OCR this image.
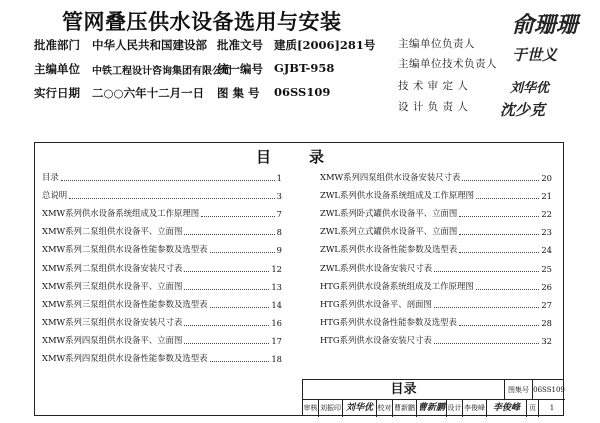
管网叠压供水设备选用与安装
批准部门 中华人民共和国建设部 批准文号 建质[2006]281号
主编单位 中铁工程设计咨询集团有限公司
统一编号 GJBT-958
实行日期 二○○六年十二月一日 图 集 号 06SS109
主编单位负责人
主编单位技术负责人
技 术 审 定 人
设 计 负 责 人
俞珊珊
于世义
刘华优
沈少克
目录
目录	1
总说明	3
XMW系列供水设备系统组成及工作原理图	7
XMW系列二泵组供水设备平、立面图	8
XMW系列二泵组供水设备性能参数及选型表	9
XMW系列二泵组供水设备安装尺寸表	12
XMW系列三泵组供水设备平、立面图	13
XMW系列三泵组供水设备性能参数及选型表	14
XMW系列三泵组供水设备安装尺寸表	16
XMW系列四泵组供水设备平、立面图	17
XMW系列四泵组供水设备性能参数及选型表	18
XMW系列四泵组供水设备安装尺寸表	20
ZWL系列供水设备系统组成及工作原理图	21
ZWL系列卧式罐供水设备平、立面图	22
ZWL系列立式罐供水设备平、立面图	23
ZWL系列供水设备性能参数及选型表	24
ZWL系列供水设备安装尺寸表	25
HTG系列供水设备系统组成及工作原理图	26
HTG系列供水设备平、剖面图	27
HTG系列供水设备性能参数及选型表	28
HTG系列供水设备安装尺寸表	32
目录	图集号 06SS109
审核 刘振印 刘华优 校对 曹新鹏 曹新鹏 设计 李俊峰 李俊峰	页	1
